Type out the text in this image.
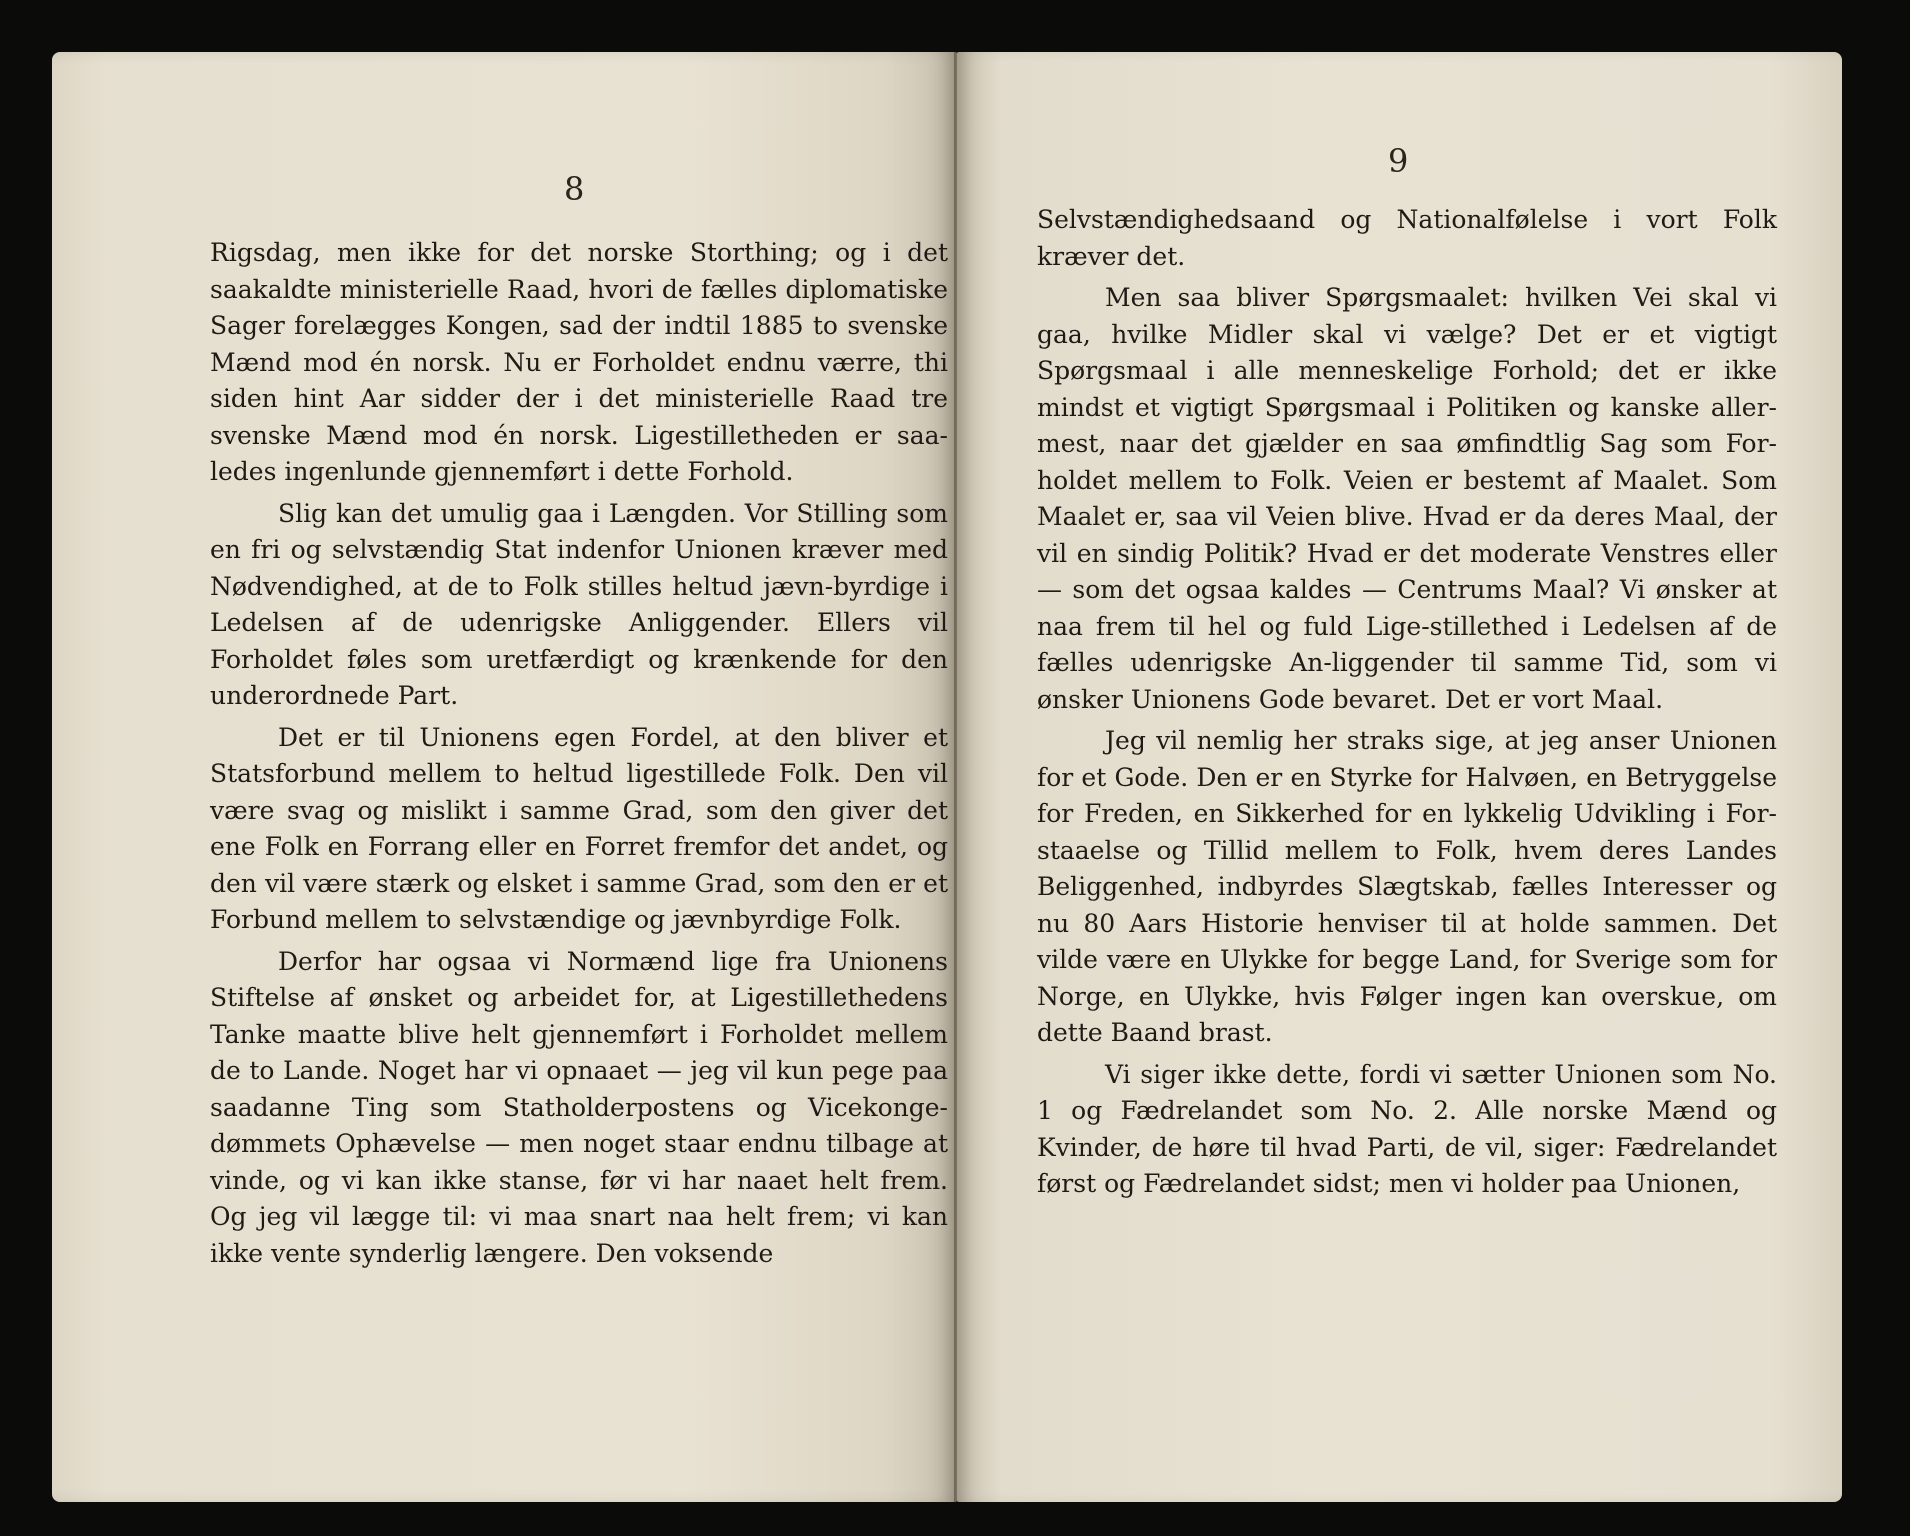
8

Rigsdag, men ikke for det norske Storthing; og i det saakaldte ministerielle Raad, hvori de fælles diplomatiske Sager forelægges Kongen, sad der indtil 1885 to svenske Mænd mod én norsk. Nu er Forholdet endnu værre, thi siden hint Aar sidder der i det ministerielle Raad tre svenske Mænd mod én norsk. Ligestilletheden er saa-ledes ingenlunde gjennemført i dette Forhold.

Slig kan det umulig gaa i Længden. Vor Stilling som en fri og selvstændig Stat indenfor Unionen kræver med Nødvendighed, at de to Folk stilles heltud jævn-byrdige i Ledelsen af de udenrigske Anliggender. Ellers vil Forholdet føles som uretfærdigt og krænkende for den underordnede Part.

Det er til Unionens egen Fordel, at den bliver et Statsforbund mellem to heltud ligestillede Folk. Den vil være svag og mislikt i samme Grad, som den giver det ene Folk en Forrang eller en Forret fremfor det andet, og den vil være stærk og elsket i samme Grad, som den er et Forbund mellem to selvstændige og jævnbyrdige Folk.

Derfor har ogsaa vi Normænd lige fra Unionens Stiftelse af ønsket og arbeidet for, at Ligestillethedens Tanke maatte blive helt gjennemført i Forholdet mellem de to Lande. Noget har vi opnaaet — jeg vil kun pege paa saadanne Ting som Statholderpostens og Vicekonge-dømmets Ophævelse — men noget staar endnu tilbage at vinde, og vi kan ikke stanse, før vi har naaet helt frem. Og jeg vil lægge til: vi maa snart naa helt frem; vi kan ikke vente synderlig længere. Den voksende

9

Selvstændighedsaand og Nationalfølelse i vort Folk kræver det.

Men saa bliver Spørgsmaalet: hvilken Vei skal vi gaa, hvilke Midler skal vi vælge? Det er et vigtigt Spørgsmaal i alle menneskelige Forhold; det er ikke mindst et vigtigt Spørgsmaal i Politiken og kanske aller-mest, naar det gjælder en saa ømfindtlig Sag som For-holdet mellem to Folk. Veien er bestemt af Maalet. Som Maalet er, saa vil Veien blive. Hvad er da deres Maal, der vil en sindig Politik? Hvad er det moderate Venstres eller — som det ogsaa kaldes — Centrums Maal? Vi ønsker at naa frem til hel og fuld Lige-stillethed i Ledelsen af de fælles udenrigske An-liggender til samme Tid, som vi ønsker Unionens Gode bevaret. Det er vort Maal.

Jeg vil nemlig her straks sige, at jeg anser Unionen for et Gode. Den er en Styrke for Halvøen, en Betryggelse for Freden, en Sikkerhed for en lykkelig Udvikling i For-staaelse og Tillid mellem to Folk, hvem deres Landes Beliggenhed, indbyrdes Slægtskab, fælles Interesser og nu 80 Aars Historie henviser til at holde sammen. Det vilde være en Ulykke for begge Land, for Sverige som for Norge, en Ulykke, hvis Følger ingen kan overskue, om dette Baand brast.

Vi siger ikke dette, fordi vi sætter Unionen som No. 1 og Fædrelandet som No. 2. Alle norske Mænd og Kvinder, de høre til hvad Parti, de vil, siger: Fædrelandet først og Fædrelandet sidst; men vi holder paa Unionen,
